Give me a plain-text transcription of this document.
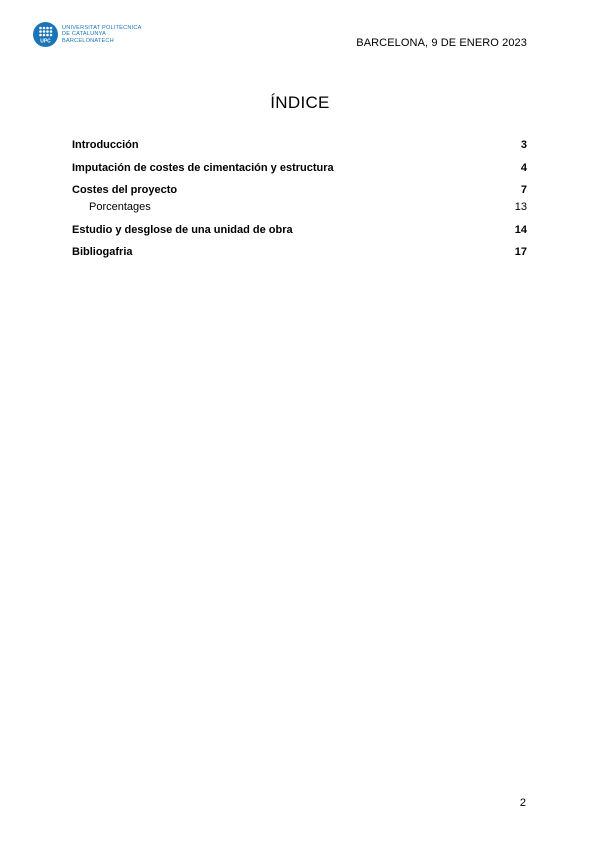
UPC
UNIVERSITAT POLITÈCNICA
DE CATALUNYA
BARCELONATECH	BARCELONA, 9 DE ENERO 2023
ÍNDICE
Introducción	3
Imputación de costes de cimentación y estructura	4
Costes del proyecto	7
Porcentages	13
Estudio y desglose de una unidad de obra	14
Bibliogafria	17
2
